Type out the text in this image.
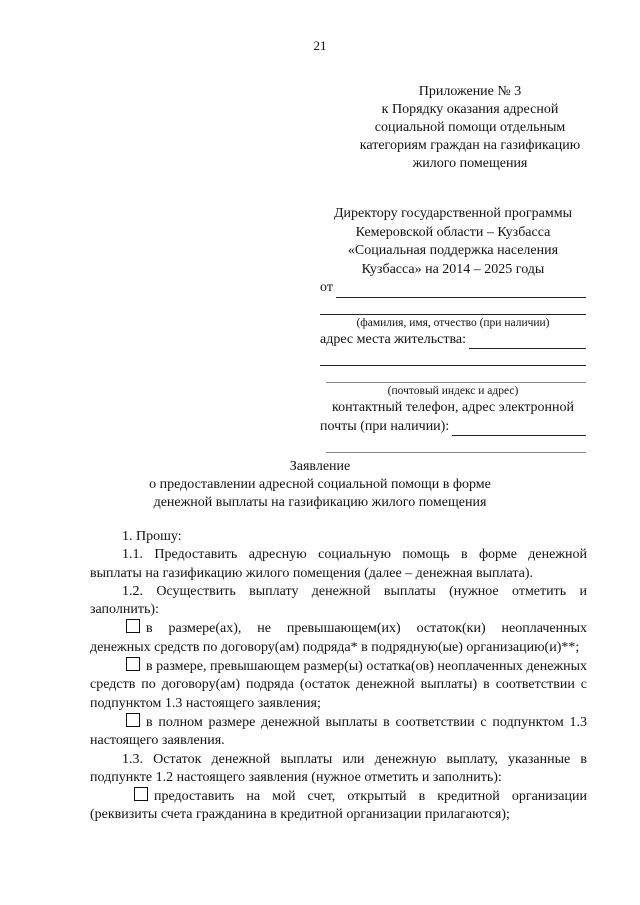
21
Приложение № 3
к Порядку оказания адресной
социальной помощи отдельным
категориям граждан на газификацию
жилого помещения
Директору государственной программы
Кемеровской области – Кузбасса
«Социальная поддержка населения
Кузбасса» на 2014 – 2025 годы
от
(фамилия, имя, отчество (при наличии)
адрес места жительства:
(почтовый индекс и адрес)
контактный телефон, адрес электронной
почты (при наличии):
Заявление
о предоставлении адресной социальной помощи в форме
денежной выплаты на газификацию жилого помещения

1. Прошу:

1.1. Предоставить адресную социальную помощь в форме денежной выплаты на газификацию жилого помещения (далее – денежная выплата).

1.2. Осуществить выплату денежной выплаты (нужное отметить и заполнить):

в размере(ах), не превышающем(их) остаток(ки) неоплаченных денежных средств по договору(ам) подряда* в подрядную(ые) организацию(и)**;

в размере, превышающем размер(ы) остатка(ов) неоплаченных денежных средств по договору(ам) подряда (остаток денежной выплаты) в соответствии с подпунктом 1.3 настоящего заявления;

в полном размере денежной выплаты в соответствии с подпунктом 1.3 настоящего заявления.

1.3. Остаток денежной выплаты или денежную выплату, указанные в подпункте 1.2 настоящего заявления (нужное отметить и заполнить):

предоставить на мой счет, открытый в кредитной организации (реквизиты счета гражданина в кредитной организации прилагаются);
